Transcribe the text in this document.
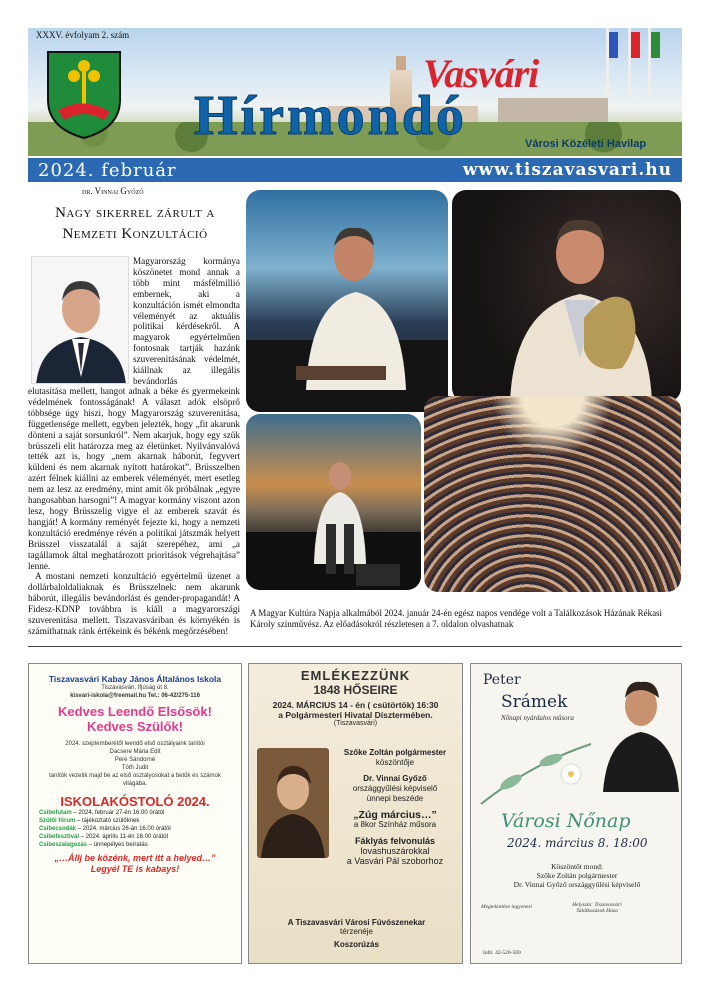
XXXV. évfolyam 2. szám
Vasvári
Hírmondó	Városi Közéleti Havilap
2024. február	www.tiszavasvari.hu
dr. Vinnai Győző
Nagy sikerrel zárult a
Nemzeti Konzultáció
Magyarország kormánya köszönetet mond annak a több mint másfélmillió embernek, aki a konzultáción ismét elmondta véleményét az aktuális politikai kérdésekről. A magyarok egyértelműen fontosnak tartják hazánk szuverenitásának védelmét, kiállnak az illegális bevándorlás

elutasítása mellett, hangot adnak a béke és gyermekeink védelmének fontosságának! A választ adók elsöprő többsége úgy hiszi, hogy Magyarország szuverenitása, függetlensége mellett, egyben jelezték, hogy „fit akarunk dönteni a saját sorsunkról”. Nem akarjuk, hogy egy szűk brüsszeli elit határozza meg az életünket. Nyilvánvalóvá tették azt is, hogy „nem akarnak háborút, fegyvert küldeni és nem akarnak nyitott határokat”. Brüsszelben azért félnek kiállni az emberek véleményét, mert esetleg nem az lesz az eredmény, mint amit ők próbálnak „egyre hangosabban harsogni”! A magyar kormány viszont azon lesz, hogy Brüsszelig vigye el az emberek szavát és hangját! A kormány reményét fejezte ki, hogy a nemzeti konzultáció eredménye révén a politikai játszmák helyett Brüsszel visszatalál a saját szerepéhez, ami „a tagállamok által meghatározott prioritások végrehajtása” lenne.

A mostani nemzeti konzultáció egyértelmű üzenet a dollárbaloldaliaknak és Brüsszelnek: nem akarunk háborút, illegális bevándorlást és gender-propagandát! A Fidesz-KDNP továbbra is kiáll a magyarországi szuverenitása mellett. Tiszavasváriban és környékén is számíthatnak ránk értékeink és békénk megőrzésében!

A Magyar Kultúra Napja alkalmából 2024. január 24-én egész napos vendége volt a Találkozások Házának Rékasi Károly színművész. Az előadásokról részletesen a 7. oldalon olvashatnak
Tiszavasvári Kabay János Általános Iskola
Tiszavasvári, Ifjúság út 8.
kisvari-iskola@freemail.hu Tel.: 06-42/275-116
Kedves Leendő Elsősök!
Kedves Szülők!
2024. szeptemberétől leendő első osztályaink tanítói
Dacsere Mária Edit
Pere Sándorné
Tóth Judit
tanítók vezetik majd be az első osztályosokat a betűk és számok világába.
ISKOLAKÓSTOLÓ 2024.
Csibefutam – 2024. február 27-én 16.00 órától
Szülői fórum – tájékoztató szülőknek
Csibecsodák – 2024. március 26-án 16.00 órától
Csibefesztivál – 2024. április 11-én 16.00 órától
Csibeszalagozás – ünnepélyes beíratás
„…Állj be közénk, mert itt a helyed…”
Legyél TE is kabays!
EMLÉKEZZÜNK
1848 HŐSEIRE
2024. MÁRCIUS 14 - én ( csütörtök) 16:30
a Polgármesteri Hivatal Dísztermében.
(Tiszavasvári)
Szőke Zoltán polgármester
köszöntője
Dr. Vinnai Győző
országgyűlési képviselő
ünnepi beszéde
„Zúg március…”
a 8kor Színház műsora
Fáklyás felvonulás
lovashuszárokkal
a Vasvári Pál szoborhoz
A Tiszavasvári Városi Fúvószenekar
térzenéje
Koszorúzás
Peter
Srámek
Nőnapi nyárdalos műsora
Városi Nőnap
2024. március 8. 18:00
Köszöntőt mond:
Szőke Zoltán polgármester
Dr. Vinnai Győző országgyűlési képviselő
Megtekintése ingyenes!	Helyszín: Tiszavasvári Találkozások Háza
Infó: 42-520-500
